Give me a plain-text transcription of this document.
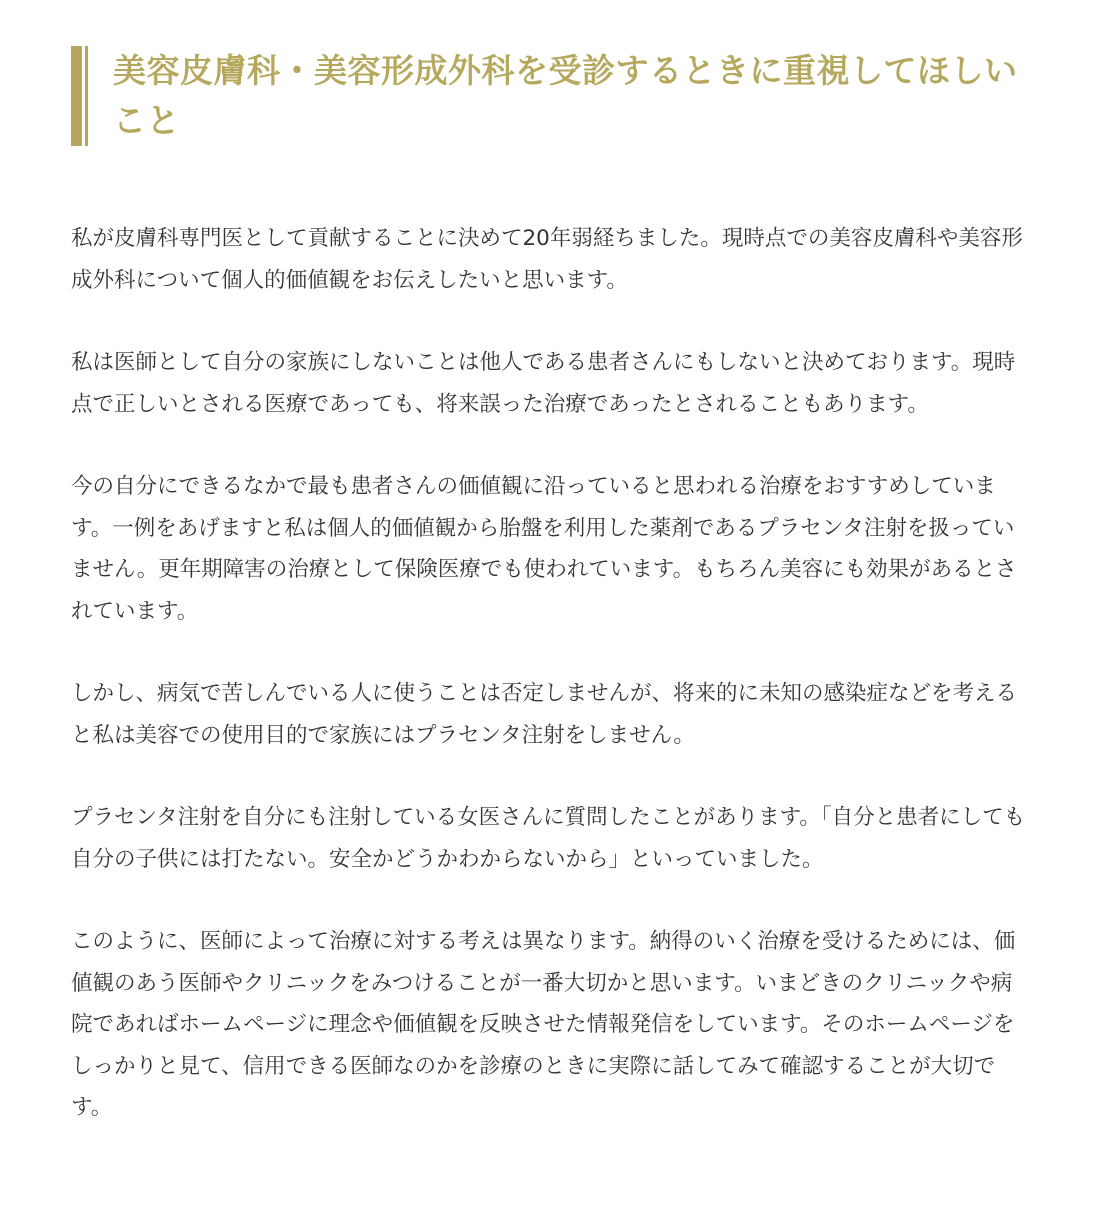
美容皮膚科・美容形成外科を受診するときに重視してほしいこと

私が皮膚科専門医として貢献することに決めて20年弱経ちました。現時点での美容皮膚科や美容形成外科について個人的価値観をお伝えしたいと思います。

私は医師として自分の家族にしないことは他人である患者さんにもしないと決めております。現時点で正しいとされる医療であっても、将来誤った治療であったとされることもあります。

今の自分にできるなかで最も患者さんの価値観に沿っていると思われる治療をおすすめしています。一例をあげますと私は個人的価値観から胎盤を利用した薬剤であるプラセンタ注射を扱っていません。更年期障害の治療として保険医療でも使われています。もちろん美容にも効果があるとされています。

しかし、病気で苦しんでいる人に使うことは否定しませんが、将来的に未知の感染症などを考えると私は美容での使用目的で家族にはプラセンタ注射をしません。

プラセンタ注射を自分にも注射している女医さんに質問したことがあります。「自分と患者にしても自分の子供には打たない。安全かどうかわからないから」といっていました。

このように、医師によって治療に対する考えは異なります。納得のいく治療を受けるためには、価値観のあう医師やクリニックをみつけることが一番大切かと思います。いまどきのクリニックや病院であればホームページに理念や価値観を反映させた情報発信をしています。そのホームページをしっかりと見て、信用できる医師なのかを診療のときに実際に話してみて確認することが大切です。
